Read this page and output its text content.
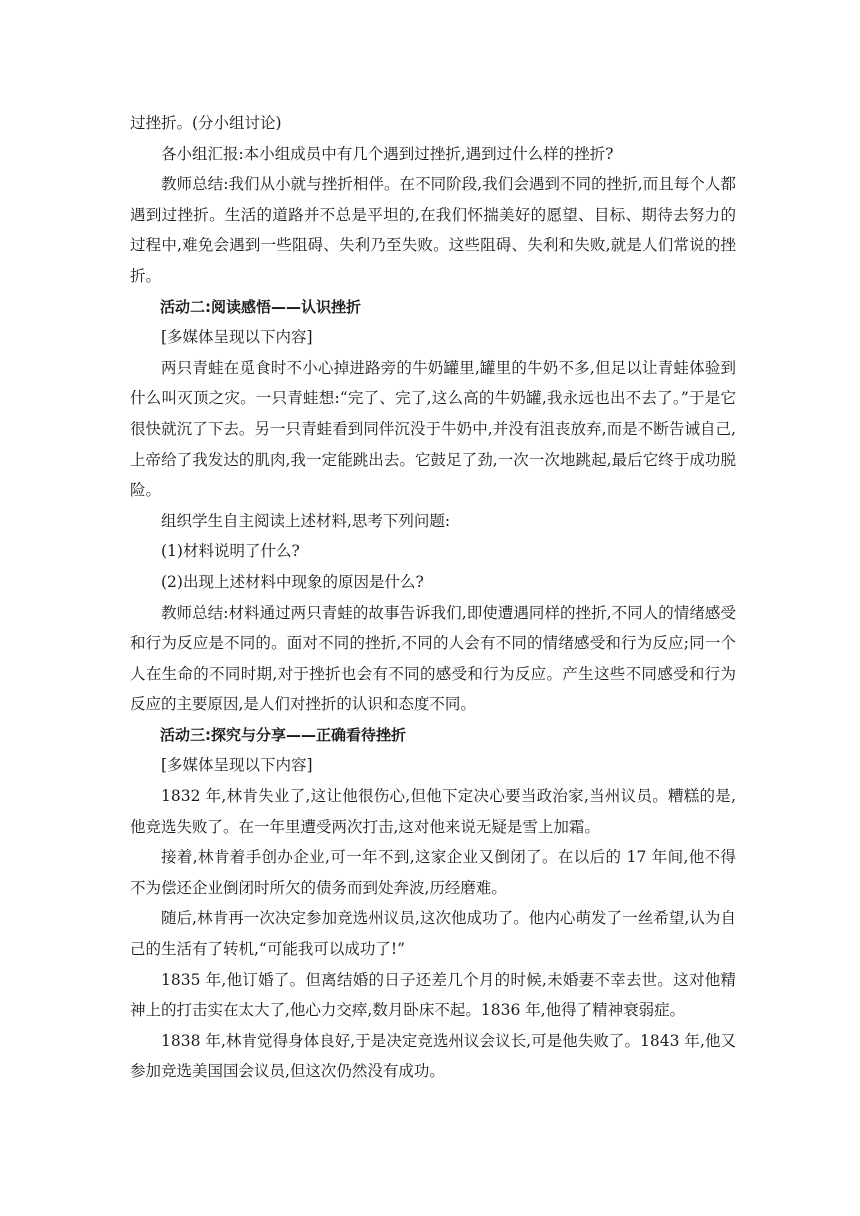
过挫折。(分小组讨论)

各小组汇报:本小组成员中有几个遇到过挫折,遇到过什么样的挫折?

教师总结:我们从小就与挫折相伴。在不同阶段,我们会遇到不同的挫折,而且每个人都遇到过挫折。生活的道路并不总是平坦的,在我们怀揣美好的愿望、目标、期待去努力的过程中,难免会遇到一些阻碍、失利乃至失败。这些阻碍、失利和失败,就是人们常说的挫折。

活动二:阅读感悟——认识挫折

[多媒体呈现以下内容]

两只青蛙在觅食时不小心掉进路旁的牛奶罐里,罐里的牛奶不多,但足以让青蛙体验到什么叫灭顶之灾。一只青蛙想:“完了、完了,这么高的牛奶罐,我永远也出不去了。”于是它很快就沉了下去。另一只青蛙看到同伴沉没于牛奶中,并没有沮丧放弃,而是不断告诫自己,上帝给了我发达的肌肉,我一定能跳出去。它鼓足了劲,一次一次地跳起,最后它终于成功脱险。

组织学生自主阅读上述材料,思考下列问题:

(1)材料说明了什么?

(2)出现上述材料中现象的原因是什么?

教师总结:材料通过两只青蛙的故事告诉我们,即使遭遇同样的挫折,不同人的情绪感受和行为反应是不同的。面对不同的挫折,不同的人会有不同的情绪感受和行为反应;同一个人在生命的不同时期,对于挫折也会有不同的感受和行为反应。产生这些不同感受和行为反应的主要原因,是人们对挫折的认识和态度不同。

活动三:探究与分享——正确看待挫折

[多媒体呈现以下内容]

1832 年,林肯失业了,这让他很伤心,但他下定决心要当政治家,当州议员。糟糕的是,他竞选失败了。在一年里遭受两次打击,这对他来说无疑是雪上加霜。

接着,林肯着手创办企业,可一年不到,这家企业又倒闭了。在以后的 17 年间,他不得不为偿还企业倒闭时所欠的债务而到处奔波,历经磨难。

随后,林肯再一次决定参加竞选州议员,这次他成功了。他内心萌发了一丝希望,认为自己的生活有了转机,“可能我可以成功了!”

1835 年,他订婚了。但离结婚的日子还差几个月的时候,未婚妻不幸去世。这对他精神上的打击实在太大了,他心力交瘁,数月卧床不起。1836 年,他得了精神衰弱症。

1838 年,林肯觉得身体良好,于是决定竞选州议会议长,可是他失败了。1843 年,他又参加竞选美国国会议员,但这次仍然没有成功。
